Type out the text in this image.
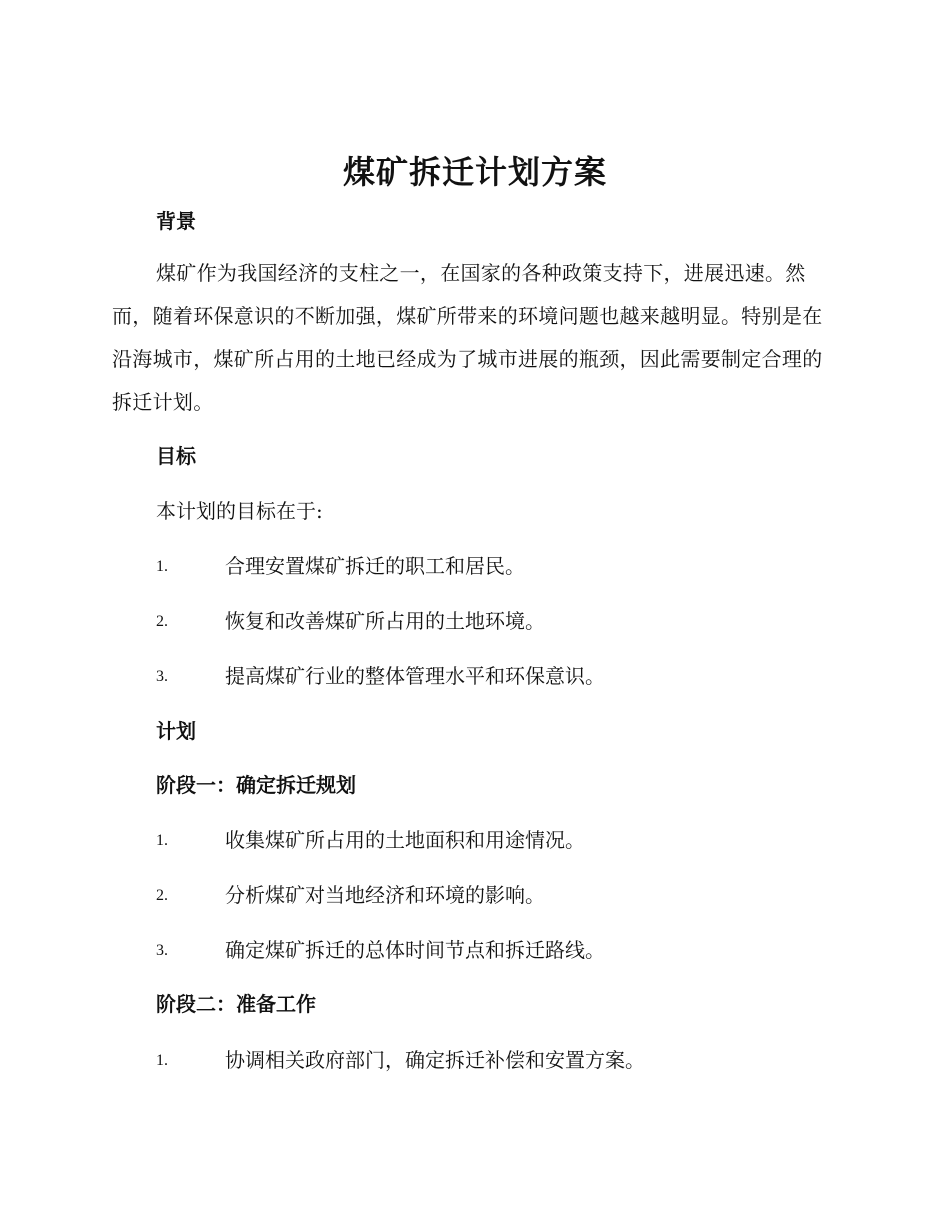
煤矿拆迁计划方案
背景
煤矿作为我国经济的支柱之一，在国家的各种政策支持下，进展迅速。然而，随着环保意识的不断加强，煤矿所带来的环境问题也越来越明显。特别是在沿海城市，煤矿所占用的土地已经成为了城市进展的瓶颈，因此需要制定合理的拆迁计划。
目标
本计划的目标在于:
1.	合理安置煤矿拆迁的职工和居民。
2.	恢复和改善煤矿所占用的土地环境。
3.	提高煤矿行业的整体管理水平和环保意识。
计划
阶段一：确定拆迁规划
1.	收集煤矿所占用的土地面积和用途情况。
2.	分析煤矿对当地经济和环境的影响。
3.	确定煤矿拆迁的总体时间节点和拆迁路线。
阶段二：准备工作
1.	协调相关政府部门，确定拆迁补偿和安置方案。
